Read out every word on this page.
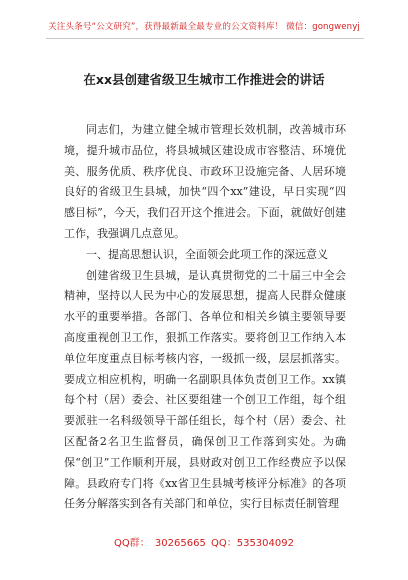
关注头条号“公文研究”，获得最新最全最专业的公文资料库！ 微信：gongwenyj
在xx县创建省级卫生城市工作推进会的讲话

同志们，为建立健全城市管理长效机制，改善城市环境，提升城市品位，将县城城区建设成市容整洁、环境优美、服务优质、秩序优良、市政环卫设施完备、人居环境良好的省级卫生县城，加快“四个xx”建设，早日实现“四感目标”，今天，我们召开这个推进会。下面，就做好创建工作，我强调几点意见。

一、提高思想认识，全面领会此项工作的深远意义

创建省级卫生县城，是认真贯彻党的二十届三中全会精神，坚持以人民为中心的发展思想，提高人民群众健康水平的重要举措。各部门、各单位和相关乡镇主要领导要高度重视创卫工作，狠抓工作落实。要将创卫工作纳入本单位年度重点目标考核内容，一级抓一级，层层抓落实。要成立相应机构，明确一名副职具体负责创卫工作。xx镇每个村（居）委会、社区要组建一个创卫工作组，每个组要派驻一名科级领导干部任组长，每个村（居）委会、社区配备2名卫生监督员，确保创卫工作落到实处。为确保“创卫”工作顺利开展，县财政对创卫工作经费应予以保障。县政府专门将《xx省卫生县城考核评分标准》的各项任务分解落实到各有关部门和单位，实行目标责任制管理

QQ群： 30265665 QQ：535304092
